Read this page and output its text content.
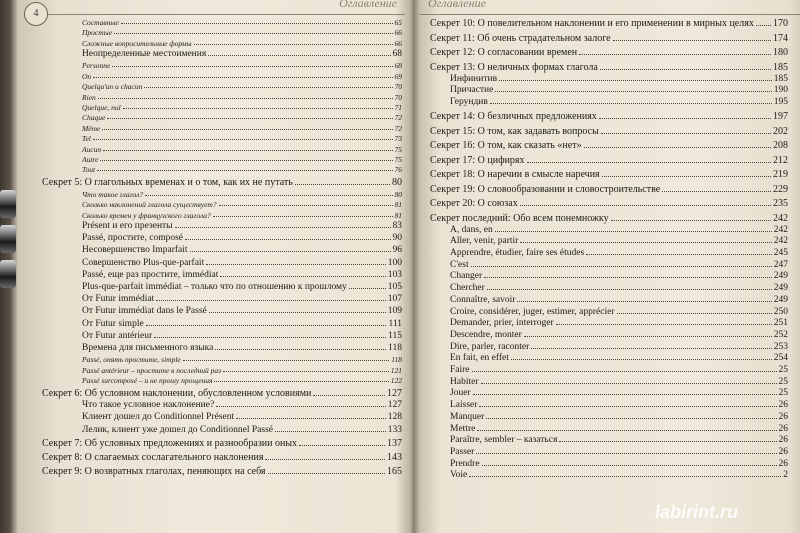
Оглавление
4
Оглавление
Составные	65
Простые	66
Сложные вопросительные формы	66
Неопределенные местоимения	68
Personne	68
On	69
Quelqu'un и chacun	70
Rien	70
Quelque, nul	71
Chaque	72
Même	72
Tel	73
Aucun	75
Autre	75
Tout	76
Секрет 5: О глагольных временах и о том, как их не путать	80
Что такое глагол?	80
Сколько наклонений глагола существует?	81
Сколько времен у французского глагола?	81
Présent и его презенты	83
Passé, простите, composé	90
Несовершенство Imparfait	96
Совершенство Plus-que-parfait	100
Passé, еще раз простите, immédiat	103
Plus-que-parfait immédiat – только что по отношению к прошлому	105
От Futur immédiat	107
От Futur immédiat dans le Passé	109
От Futur simple	111
От Futur antérieur	115
Времена для письменного языка	118
Passé, опять простите, simple	118
Passé antérieur – простите в последний раз	121
Passé surcomposé – и не прошу прощения	122
Секрет 6: Об условном наклонении, обусловленном условиями	127
Что такое условное наклонение?	127
Клиент дошел до Conditionnel Présent	128
Лелик, клиент уже дошел до Conditionnel Passé	133
Секрет 7: Об условных предложениях и разнообразии оных	137
Секрет 8: О слагаемых сослагательного наклонения	143
Секрет 9: О возвратных глаголах, пеняющих на себя	165
Секрет 10: О повелительном наклонении и его применении в мирных целях 170
Секрет 11: Об очень страдательном залоге	174
Секрет 12: О согласовании времен	180
Секрет 13: О неличных формах глагола	185
Инфинитив	185
Причастие	190
Герундив	195
Секрет 14: О безличных предложениях	197
Секрет 15: О том, как задавать вопросы	202
Секрет 16: О том, как сказать «нет»	208
Секрет 17: О цифирях	212
Секрет 18: О наречии в смысле наречия	219
Секрет 19: О словообразовании и словостроительстве	229
Секрет 20: О союзах	235
Секрет последний: Обо всем понемножку	242
A, dans, en	242
Aller, venir, partir	242
Apprendre, étudier, faire ses études	245
C'est	247
Changer	249
Chercher	249
Connaître, savoir	249
Croire, considérer, juger, estimer, apprécier	250
Demander, prier, interroger	251
Descendre, monter	252
Dire, parler, raconter	253
En fait, en effet	254
Faire	25
Habiter	25
Jouer	25
Laisser	26
Manquer	26
Mettre	26
Paraître, sembler – казаться	26
Passer	26
Prendre	26
Voie	2
labirint.ru
